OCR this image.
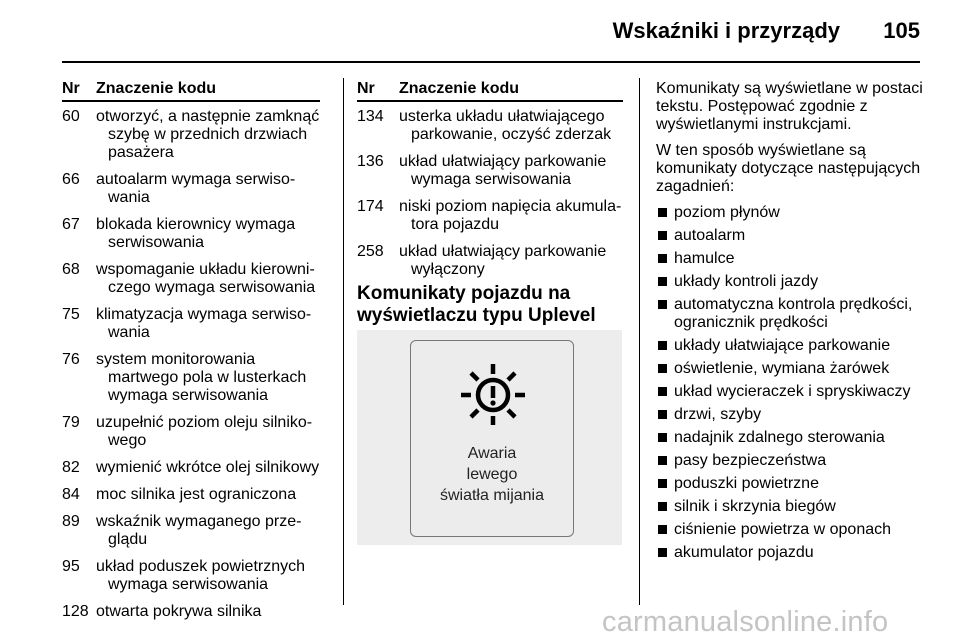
Wskaźniki i przyrządy 105
Nr	Znaczenie kodu
60	otworzyć, a następnie zamknąć
szybę w przednich drzwiach
pasażera
66	autoalarm wymaga serwiso-
wania
67	blokada kierownicy wymaga
serwisowania
68	wspomaganie układu kierowni-
czego wymaga serwisowania
75	klimatyzacja wymaga serwiso-
wania
76	system monitorowania
martwego pola w lusterkach
wymaga serwisowania
79	uzupełnić poziom oleju silniko-
wego
82	wymienić wkrótce olej silnikowy
84	moc silnika jest ograniczona
89	wskaźnik wymaganego prze-
glądu
95	układ poduszek powietrznych
wymaga serwisowania
128 otwarta pokrywa silnika
Nr	Znaczenie kodu
134 usterka układu ułatwiającego
parkowanie, oczyść zderzak
136 układ ułatwiający parkowanie
wymaga serwisowania
174 niski poziom napięcia akumula-
tora pojazdu
258 układ ułatwiający parkowanie
wyłączony
Komunikaty pojazdu na
wyświetlaczu typu Uplevel
Awaria
lewego
światła mijania

Komunikaty są wyświetlane w postaci tekstu. Postępować zgodnie z wyświetlanymi instrukcjami.

W ten sposób wyświetlane są komunikaty dotyczące następujących zagadnień:

poziom płynów
autoalarm
hamulce
układy kontroli jazdy
automatyczna kontrola prędkości, ogranicznik prędkości
układy ułatwiające parkowanie
oświetlenie, wymiana żarówek
układ wycieraczek i spryskiwaczy
drzwi, szyby
nadajnik zdalnego sterowania
pasy bezpieczeństwa
poduszki powietrzne
silnik i skrzynia biegów
ciśnienie powietrza w oponach
akumulator pojazdu
carmanualsonline.info
